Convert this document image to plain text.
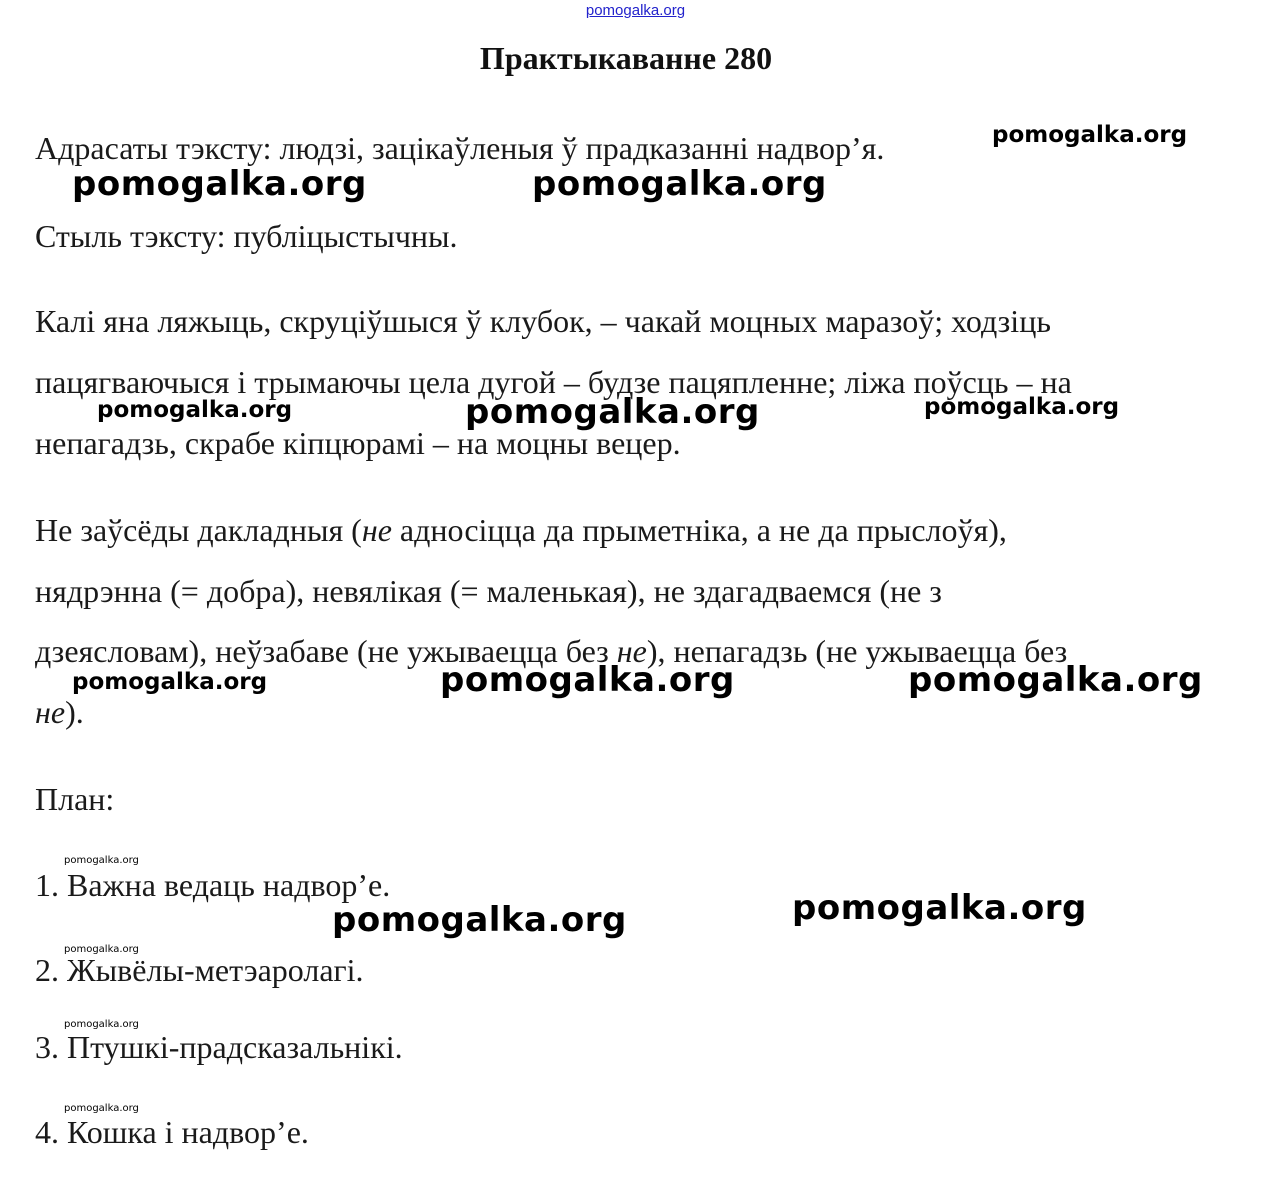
pomogalka.org
Практыкаванне 280
Адрасаты тэксту: людзі, зацікаўленыя ў прадказанні надвор’я.
Стыль тэксту: публіцыстычны.
Калі яна ляжыць, скруціўшыся ў клубок, – чакай моцных маразоў; ходзіць
пацягваючыся і трымаючы цела дугой – будзе пацяпленне; ліжа поўсць – на
непагадзь, скрабе кіпцюрамі – на моцны вецер.
Не заўсёды дакладныя (не адносіцца да прыметніка, а не да прыслоўя),
нядрэнна (= добра), невялікая (= маленькая), не здагадваемся (не з
дзеясловам), неўзабаве (не ужываецца без не), непагадзь (не ужываецца без
не).
План:
1. Важна ведаць надвор’е.
2. Жывёлы-метэаролагі.
3. Птушкі-прадсказальнікі.
4. Кошка і надвор’е.
pomogalka.org
pomogalka.org	pomogalka.org
pomogalka.org	pomogalka.org	pomogalka.org
pomogalka.org	pomogalka.org	pomogalka.org
pomogalka.org
pomogalka.org
pomogalka.org
pomogalka.org
pomogalka.org
pomogalka.org
